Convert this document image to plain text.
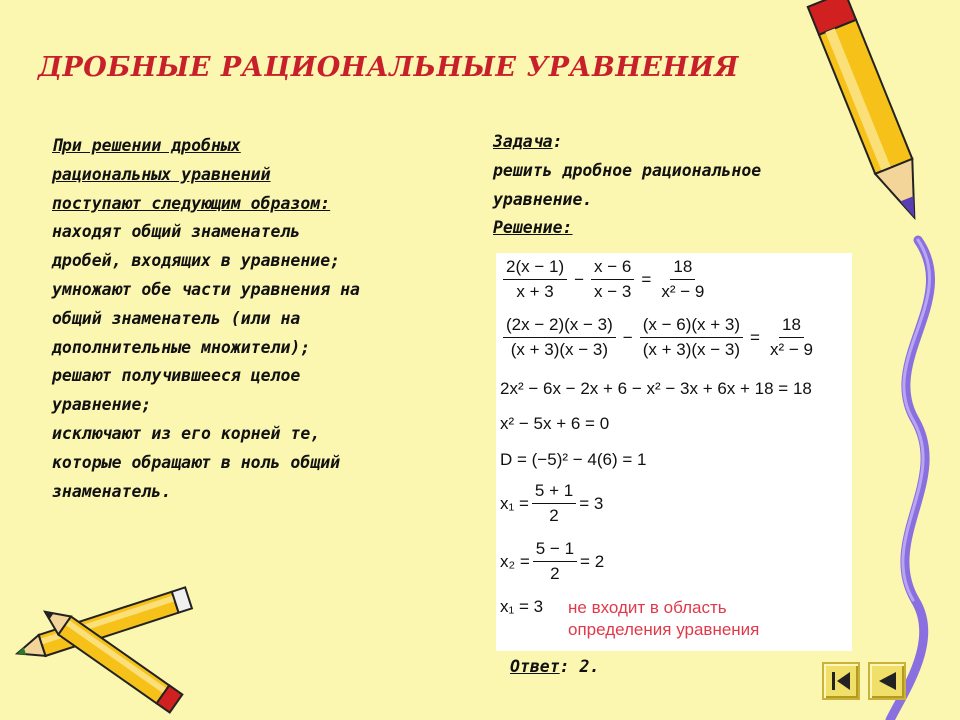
ДРОБНЫЕ РАЦИОНАЛЬНЫЕ УРАВНЕНИЯ
При решении дробных
рациональных уравнений
поступают следующим образом:
находят общий знаменатель
дробей, входящих в уравнение;
умножают обе части уравнения на
общий знаменатель (или на
дополнительные множители);
решают получившееся целое
уравнение;
исключают из его корней те,
которые обращают в ноль общий
знаменатель.
Задача:
решить дробное рациональное
уравнение.
Решение:
$\frac{2(x - 1)}{x + 3} - \frac{x - 6}{x - 3} = \frac{18}{\text{x² − 9}}$
$\frac{(2x - 2)(x - 3)}{(x + 3)(x - 3)} - \frac{(x - 6)(x + 3)}{(x + 3)(x - 3)} = \frac{18}{\text{x² − 9}}$
2x² − 6x − 2x + 6 − x² − 3x + 6x + 18 = 18
x² − 5x + 6 = 0
D = (−5)² − 4(6) = 1
$x_1 = \frac{5 + 1}{2} = 3$
$x_2 = \frac{5 - 1}{2} = 2$
x₁ = 3 не входит в область
определения уравнения
Ответ: 2.
